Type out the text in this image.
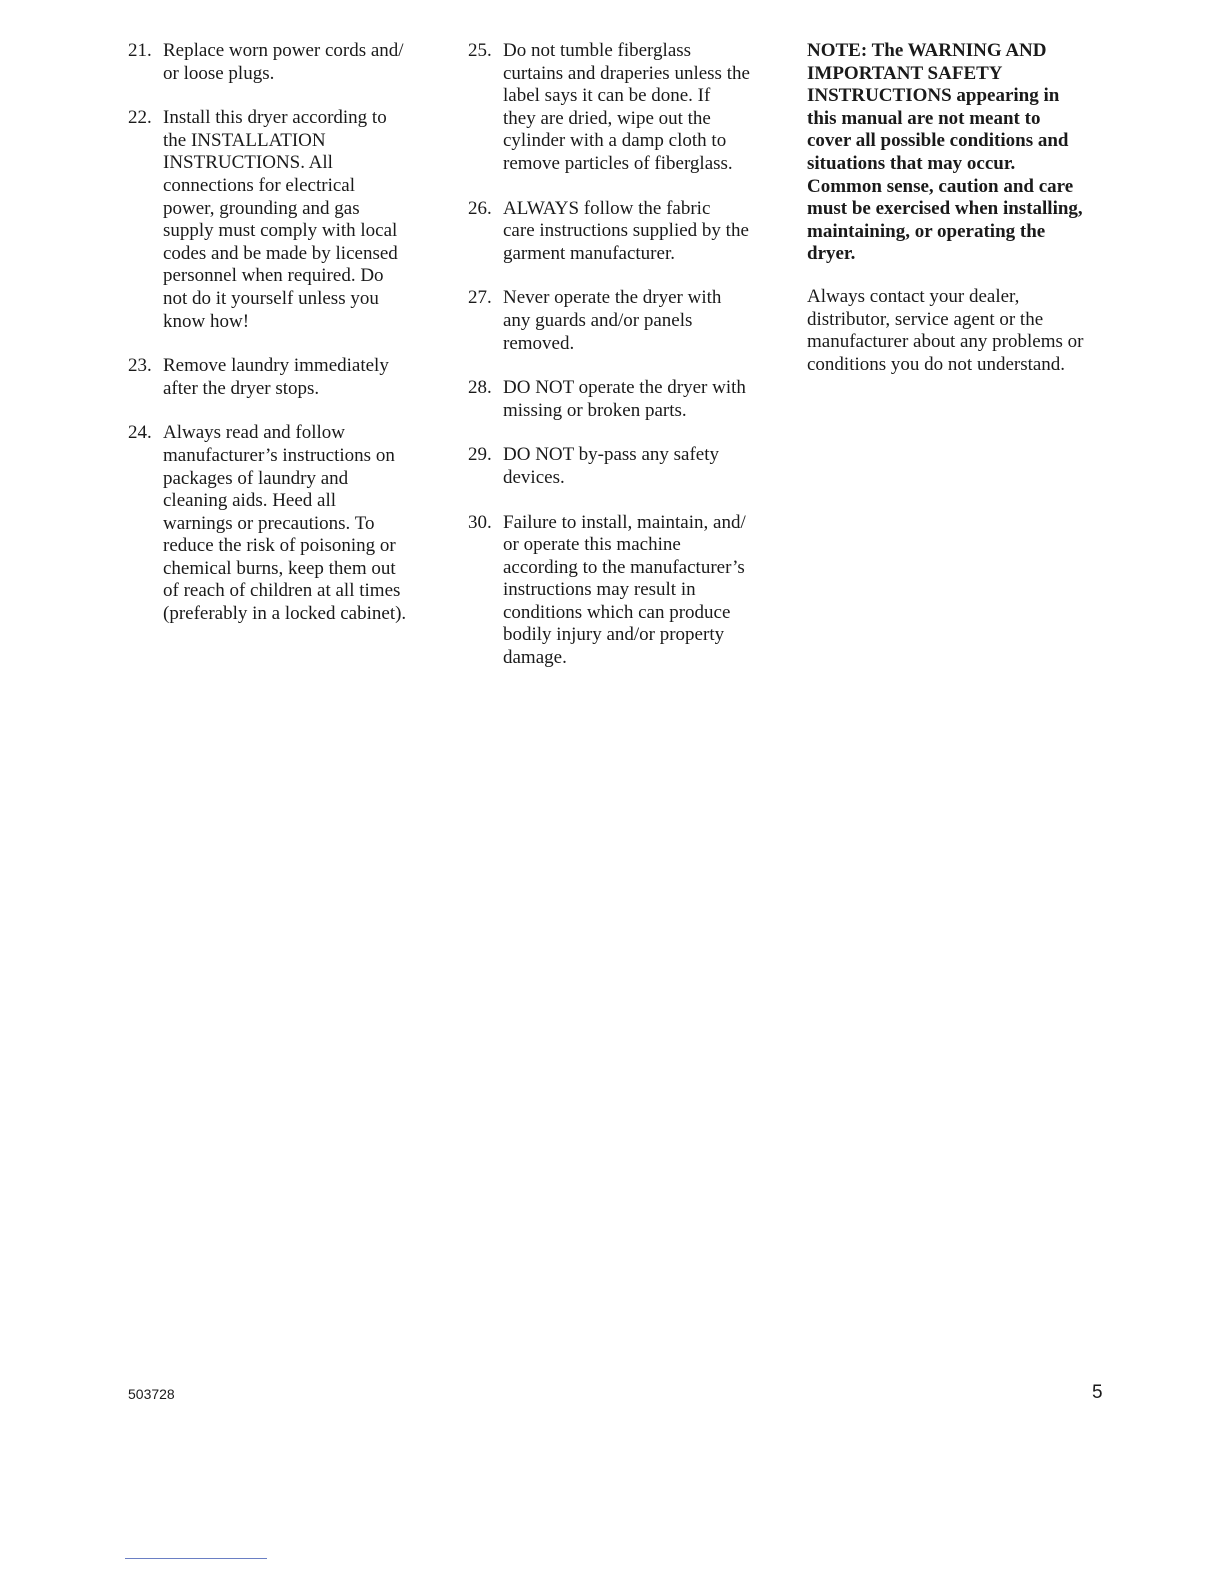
21. Replace worn power cords and/
or loose plugs.
22. Install this dryer according to
the INSTALLATION
INSTRUCTIONS. All
connections for electrical
power, grounding and gas
supply must comply with local
codes and be made by licensed
personnel when required. Do
not do it yourself unless you
know how!
23. Remove laundry immediately
after the dryer stops.
24. Always read and follow
manufacturer’s instructions on
packages of laundry and
cleaning aids. Heed all
warnings or precautions. To
reduce the risk of poisoning or
chemical burns, keep them out
of reach of children at all times
(preferably in a locked cabinet).
25. Do not tumble fiberglass
curtains and draperies unless the
label says it can be done. If
they are dried, wipe out the
cylinder with a damp cloth to
remove particles of fiberglass.
26. ALWAYS follow the fabric
care instructions supplied by the
garment manufacturer.
27. Never operate the dryer with
any guards and/or panels
removed.
28. DO NOT operate the dryer with
missing or broken parts.
29. DO NOT by-pass any safety
devices.
30. Failure to install, maintain, and/
or operate this machine
according to the manufacturer’s
instructions may result in
conditions which can produce
bodily injury and/or property
damage.

NOTE: The WARNING AND
IMPORTANT SAFETY
INSTRUCTIONS appearing in
this manual are not meant to
cover all possible conditions and
situations that may occur.
Common sense, caution and care
must be exercised when installing,
maintaining, or operating the
dryer.

Always contact your dealer,
distributor, service agent or the
manufacturer about any problems or
conditions you do not understand.

503728	5
